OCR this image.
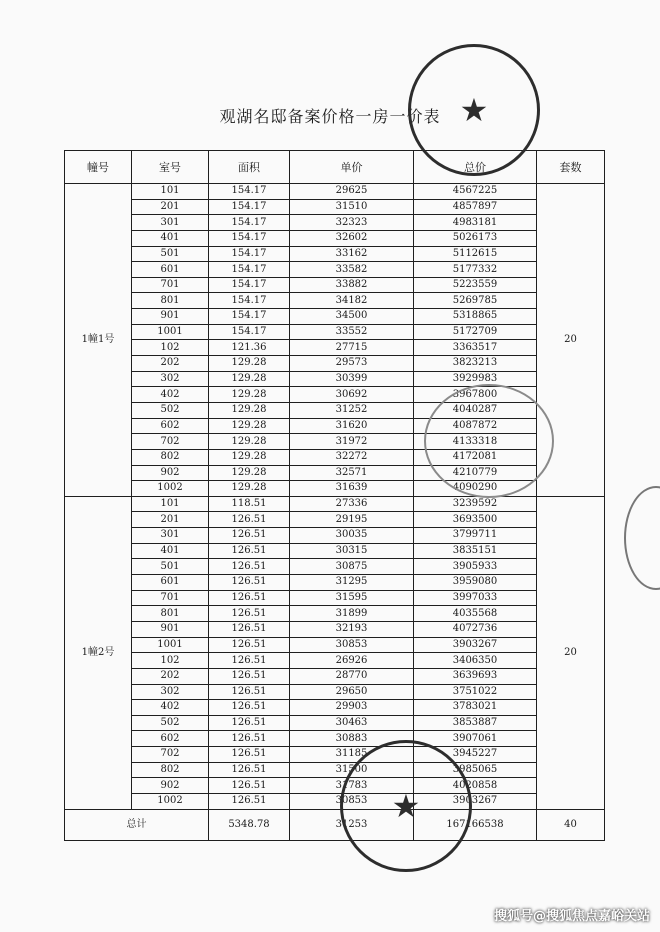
观湖名邸备案价格一房一价表
幢号	室号	面积	单价	总价	套数
1幢1号	101	154.17	29625	4567225	20
	201	154.17	31510	4857897	
	301	154.17	32323	4983181	
	401	154.17	32602	5026173	
	501	154.17	33162	5112615	
	601	154.17	33582	5177332	
	701	154.17	33882	5223559	
	801	154.17	34182	5269785	
	901	154.17	34500	5318865	
	1001	154.17	33552	5172709	
	102	121.36	27715	3363517	
	202	129.28	29573	3823213	
	302	129.28	30399	3929983	
	402	129.28	30692	3967800	
	502	129.28	31252	4040287	
	602	129.28	31620	4087872	
	702	129.28	31972	4133318	
	802	129.28	32272	4172081	
	902	129.28	32571	4210779	
	1002	129.28	31639	4090290	
1幢2号	101	118.51	27336	3239592	20
	201	126.51	29195	3693500	
	301	126.51	30035	3799711	
	401	126.51	30315	3835151	
	501	126.51	30875	3905933	
	601	126.51	31295	3959080	
	701	126.51	31595	3997033	
	801	126.51	31899	4035568	
	901	126.51	32193	4072736	
	1001	126.51	30853	3903267	
	102	126.51	26926	3406350	
	202	126.51	28770	3639693	
	302	126.51	29650	3751022	
	402	126.51	29903	3783021	
	502	126.51	30463	3853887	
	602	126.51	30883	3907061	
	702	126.51	31185	3945227	
	802	126.51	31500	3985065	
	902	126.51	31783	4020858	
	1002	126.51	30853	3903267	
总计		5348.78	31253	167166538	40
★
★
搜狐号@搜狐焦点嘉峪关站
